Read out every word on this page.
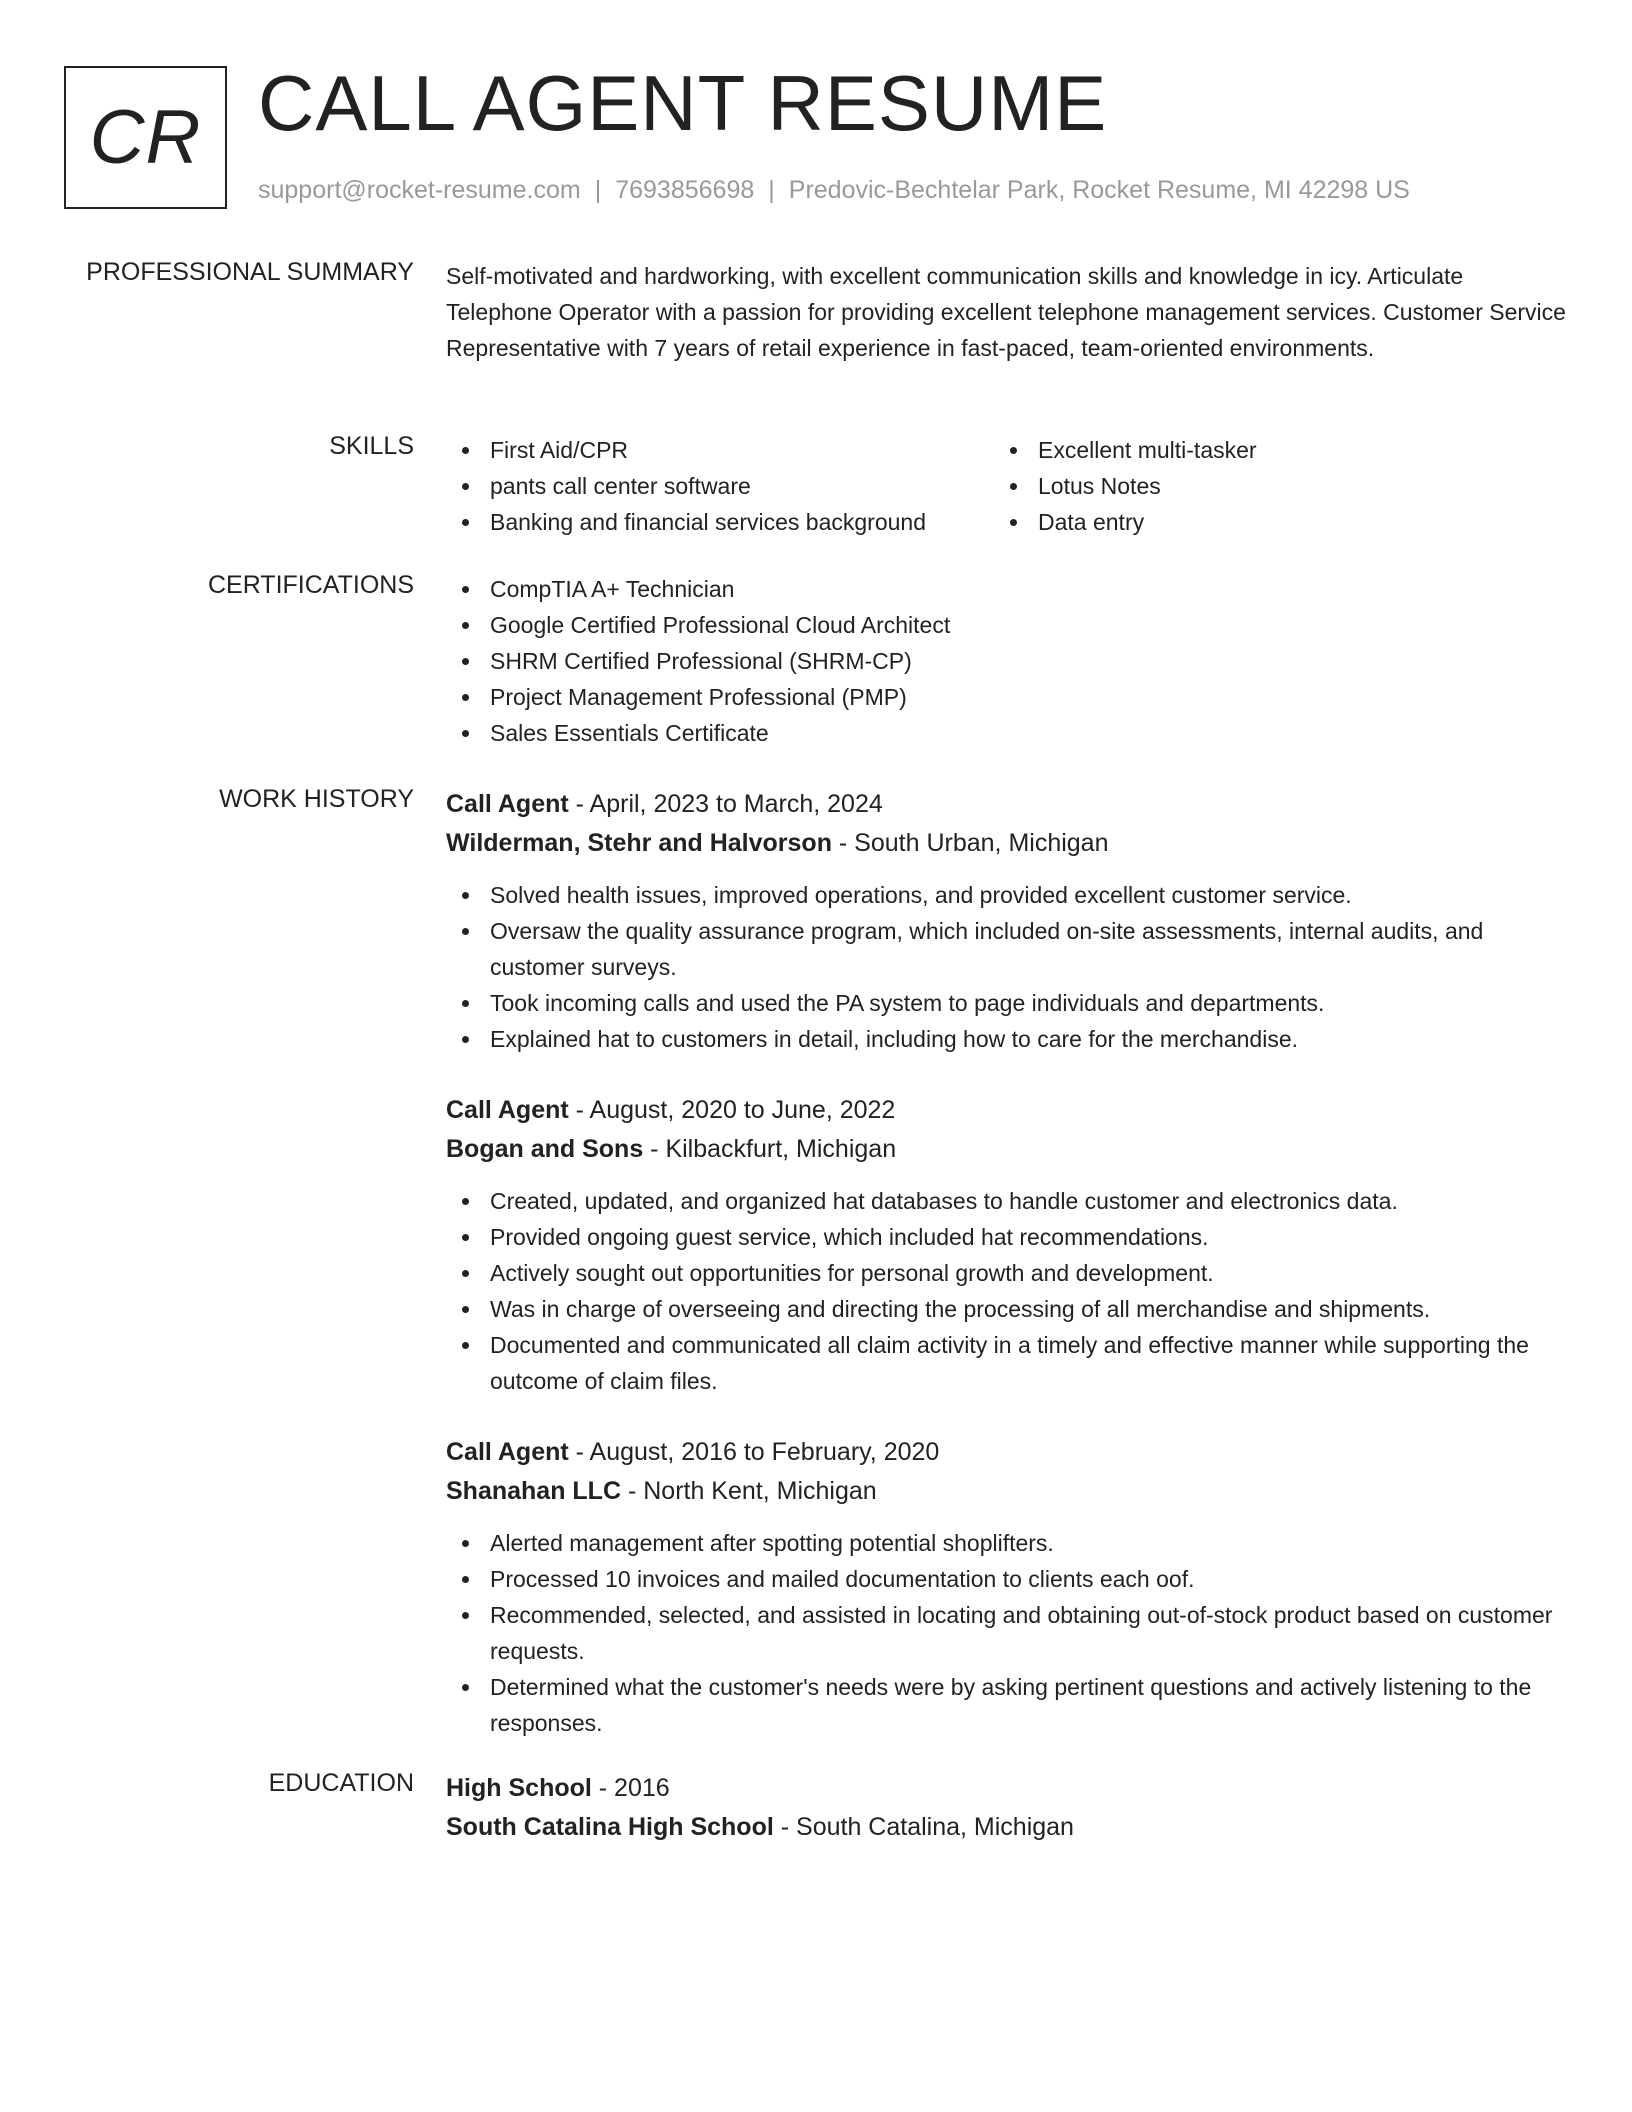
CR CALL AGENT RESUME
support@rocket-resume.com | 7693856698 | Predovic-Bechtelar Park, Rocket Resume, MI 42298 US
PROFESSIONAL SUMMARY Self-motivated and hardworking, with excellent communication skills and knowledge in icy. Articulate Telephone Operator with a passion for providing excellent telephone management services. Customer Service Representative with 7 years of retail experience in fast-paced, team-oriented environments.
SKILLS	First Aid/CPR
pants call center software
Banking and financial services background
Excellent multi-tasker
Lotus Notes
Data entry
CERTIFICATIONS	CompTIA A+ Technician
Google Certified Professional Cloud Architect
SHRM Certified Professional (SHRM-CP)
Project Management Professional (PMP)
Sales Essentials Certificate
WORK HISTORY Call Agent - April, 2023 to March, 2024
Wilderman, Stehr and Halvorson - South Urban, Michigan
Solved health issues, improved operations, and provided excellent customer service.
Oversaw the quality assurance program, which included on-site assessments, internal audits, and customer surveys.
Took incoming calls and used the PA system to page individuals and departments.
Explained hat to customers in detail, including how to care for the merchandise.
Call Agent - August, 2020 to June, 2022
Bogan and Sons - Kilbackfurt, Michigan
Created, updated, and organized hat databases to handle customer and electronics data.
Provided ongoing guest service, which included hat recommendations.
Actively sought out opportunities for personal growth and development.
Was in charge of overseeing and directing the processing of all merchandise and shipments.
Documented and communicated all claim activity in a timely and effective manner while supporting the outcome of claim files.
Call Agent - August, 2016 to February, 2020
Shanahan LLC - North Kent, Michigan
Alerted management after spotting potential shoplifters.
Processed 10 invoices and mailed documentation to clients each oof.
Recommended, selected, and assisted in locating and obtaining out-of-stock product based on customer requests.
Determined what the customer's needs were by asking pertinent questions and actively listening to the responses.
EDUCATION High School - 2016
South Catalina High School - South Catalina, Michigan
